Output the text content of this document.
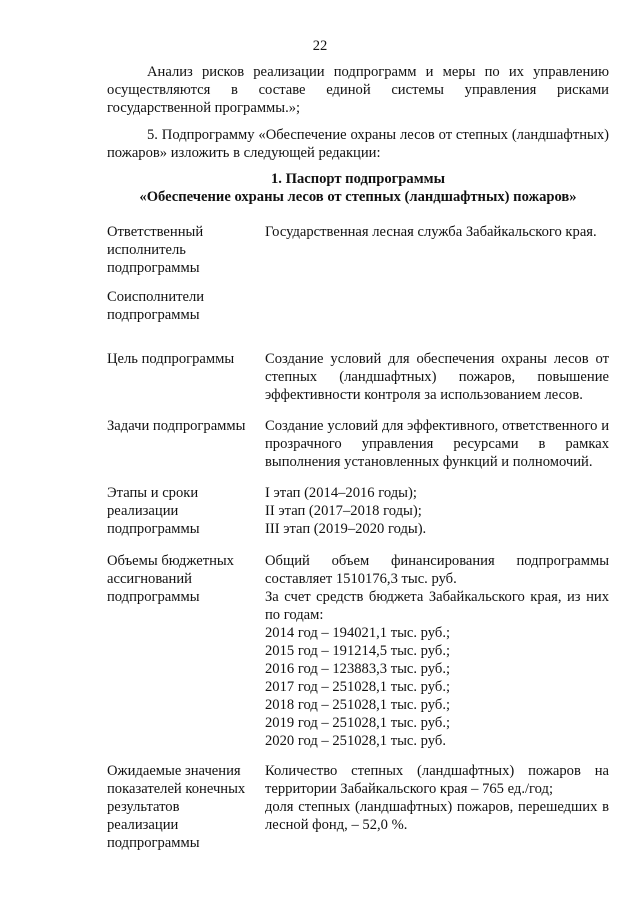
22
Анализ рисков реализации подпрограмм и меры по их управлению осуществляются в составе единой системы управления рисками государственной программы.»;
5. Подпрограмму «Обеспечение охраны лесов от степных (ландшафтных) пожаров» изложить в следующей редакции:
1. Паспорт подпрограммы
«Обеспечение охраны лесов от степных (ландшафтных) пожаров»
Ответственный
исполнитель
подпрограммы
Государственная лесная служба Забайкальского края.
Соисполнители
подпрограммы
Цель подпрограммы	Создание условий для обеспечения охраны лесов от степных (ландшафтных) пожаров, повышение эффективности контроля за использованием лесов.
Задачи подпрограммы	Создание условий для эффективного, ответственного и прозрачного управления ресурсами в рамках выполнения установленных функций и полномочий.
Этапы и сроки
реализации
подпрограммы
I этап (2014–2016 годы);
II этап (2017–2018 годы);
III этап (2019–2020 годы).
Объемы бюджетных
ассигнований
подпрограммы
Общий объем финансирования подпрограммы составляет 1510176,3 тыс. руб.
За счет средств бюджета Забайкальского края, из них по годам:
2014 год – 194021,1 тыс. руб.;
2015 год – 191214,5 тыс. руб.;
2016 год – 123883,3 тыс. руб.;
2017 год – 251028,1 тыс. руб.;
2018 год – 251028,1 тыс. руб.;
2019 год – 251028,1 тыс. руб.;
2020 год – 251028,1 тыс. руб.
Ожидаемые значения
показателей конечных
результатов
реализации
подпрограммы
Количество степных (ландшафтных) пожаров на территории Забайкальского края – 765 ед./год;
доля степных (ландшафтных) пожаров, перешедших в лесной фонд, – 52,0 %.
